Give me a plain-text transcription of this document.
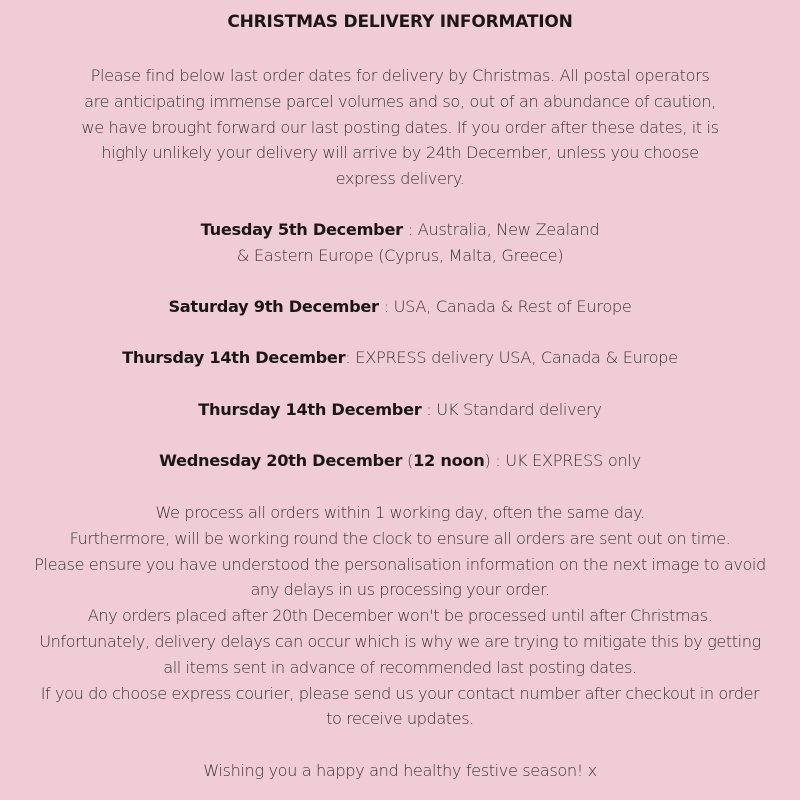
CHRISTMAS DELIVERY INFORMATION
Please find below last order dates for delivery by Christmas. All postal operators are anticipating immense parcel volumes and so, out of an abundance of caution, we have brought forward our last posting dates. If you order after these dates, it is highly unlikely your delivery will arrive by 24th December, unless you choose express delivery.
Tuesday 5th December : Australia, New Zealand
& Eastern Europe (Cyprus, Malta, Greece)
Saturday 9th December : USA, Canada & Rest of Europe
Thursday 14th December: EXPRESS delivery USA, Canada & Europe
Thursday 14th December : UK Standard delivery
Wednesday 20th December (12 noon) : UK EXPRESS only

We process all orders within 1 working day, often the same day.

Furthermore, will be working round the clock to ensure all orders are sent out on time.

Please ensure you have understood the personalisation information on the next image to avoid

any delays in us processing your order.

Any orders placed after 20th December won't be processed until after Christmas.

Unfortunately, delivery delays can occur which is why we are trying to mitigate this by getting

all items sent in advance of recommended last posting dates.

If you do choose express courier, please send us your contact number after checkout in order

to receive updates.

Wishing you a happy and healthy festive season! x
